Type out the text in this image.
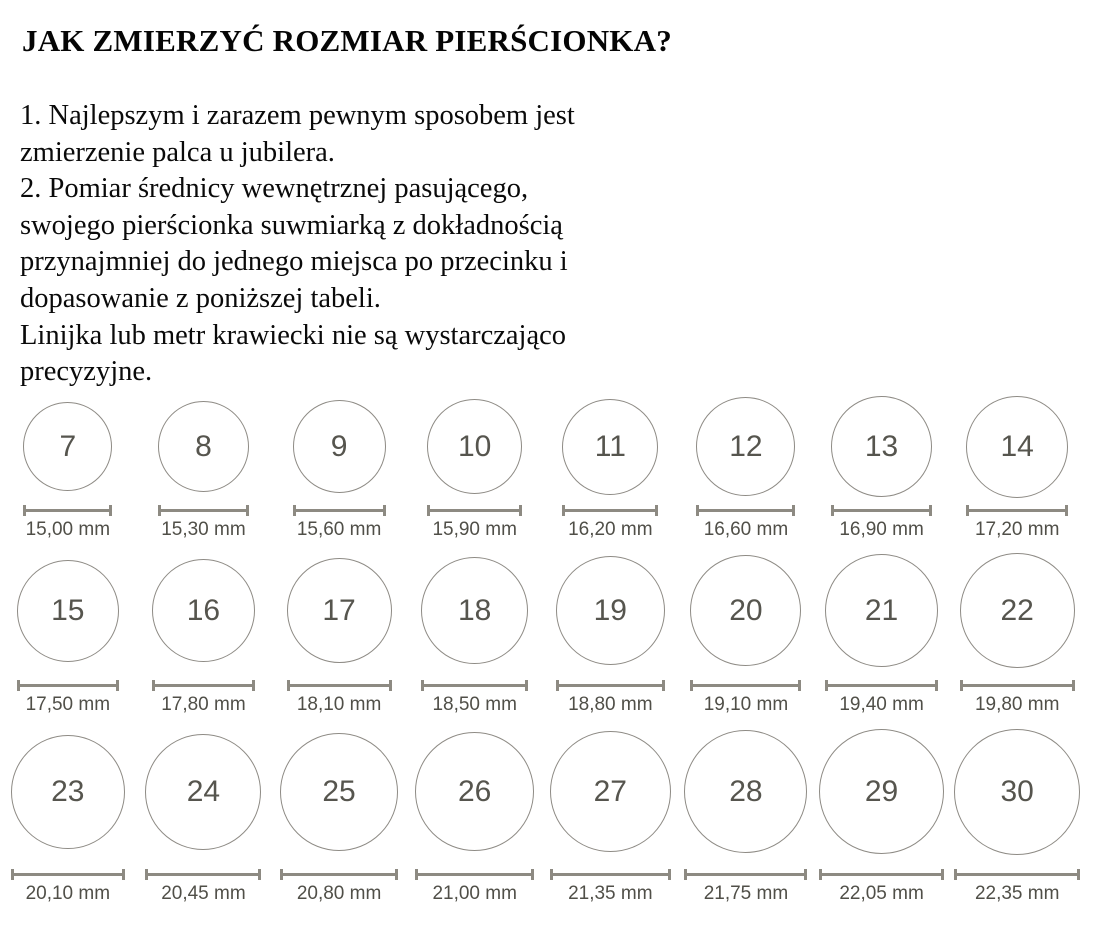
JAK ZMIERZYĆ ROZMIAR PIERŚCIONKA?
1. Najlepszym i zarazem pewnym sposobem jest
zmierzenie palca u jubilera.
2. Pomiar średnicy wewnętrznej pasującego,
swojego pierścionka suwmiarką z dokładnością
przynajmniej do jednego miejsca po przecinku i
dopasowanie z poniższej tabeli.
Linijka lub metr krawiecki nie są wystarczająco
precyzyjne.
7
15,00 mm
8
15,30 mm
9
15,60 mm
10
15,90 mm
11
16,20 mm
12
16,60 mm
13
16,90 mm
14
17,20 mm
15
17,50 mm
16
17,80 mm
17
18,10 mm
18
18,50 mm
19
18,80 mm
20
19,10 mm
21
19,40 mm
22
19,80 mm
23
20,10 mm
24
20,45 mm
25
20,80 mm
26
21,00 mm
27
21,35 mm
28
21,75 mm
29
22,05 mm
30
22,35 mm
